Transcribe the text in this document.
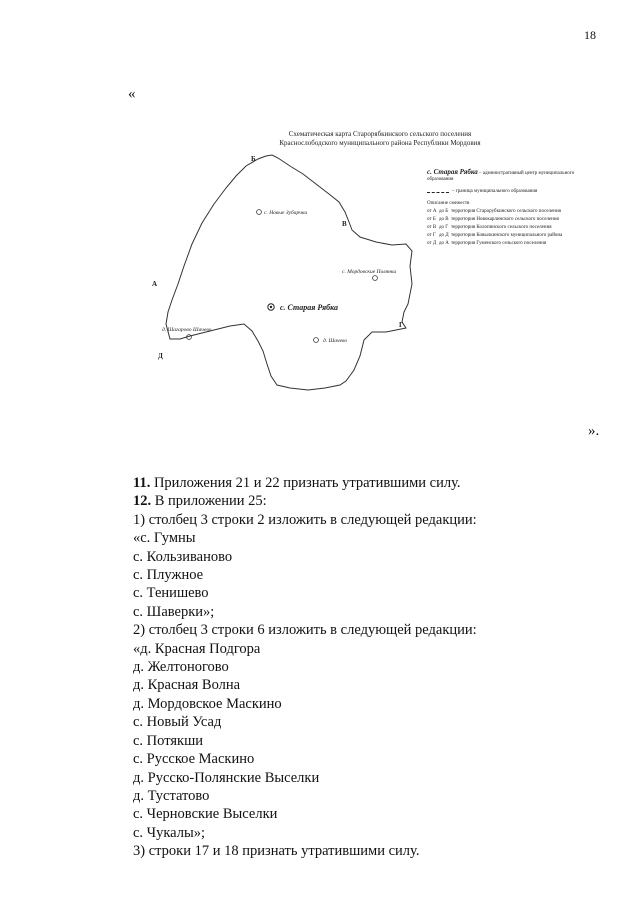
18
«
Б
В
Г
А
Д
с. Новые Зубарчки
с. Мордовские Полянки
д. Шагарово Шачево
д. Шачево
с. Старая Рябка
Схематическая карта Старорябкинского сельского поселения
Краснослободского муниципального района Республики Мордовия
с. Старая Рябка – административный центр муниципального образования
– граница муниципального образования
Описание смежеств
от А до Б территория Старорубкинского сельского поселения
от Б до В территория Новокарлинского сельского поселения
от В до Г территория Колопинского сельского поселения
от Г до Д территория Ковылкинского муниципального района
от Д до А территория Гуменского сельского поселения
».
11. Приложения 21 и 22 признать утратившими силу.
12. В приложении 25:
1) столбец 3 строки 2 изложить в следующей редакции:
«с. Гумны
с. Кользиваново
с. Плужное
с. Тенишево
с. Шаверки»;
2) столбец 3 строки 6 изложить в следующей редакции:
«д. Красная Подгора
д. Желтоногово
д. Красная Волна
д. Мордовское Маскино
с. Новый Усад
с. Потякши
с. Русское Маскино
д. Русско-Полянские Выселки
д. Тустатово
с. Черновские Выселки
с. Чукалы»;
3) строки 17 и 18 признать утратившими силу.
